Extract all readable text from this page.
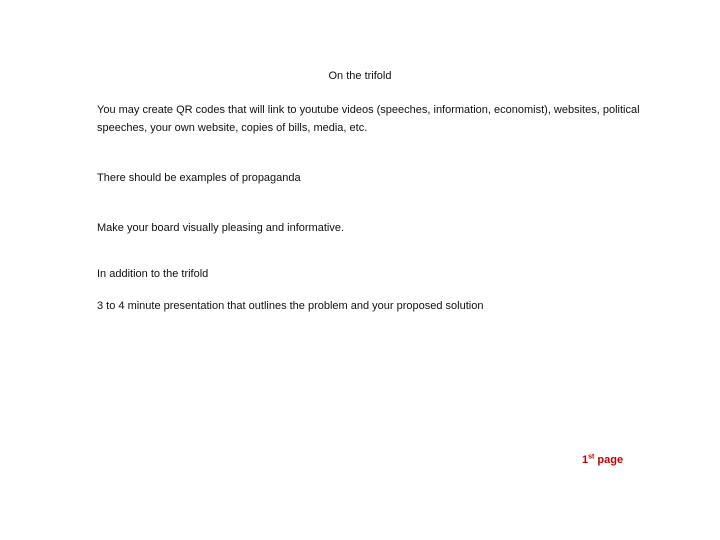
On the trifold
You may create QR codes that will link to youtube videos (speeches, information, economist), websites, political speeches, your own website, copies of bills, media, etc.
There should be examples of propaganda
Make your board visually pleasing and informative.
In addition to the trifold
3 to 4 minute presentation that outlines the problem and your proposed solution
1st page
